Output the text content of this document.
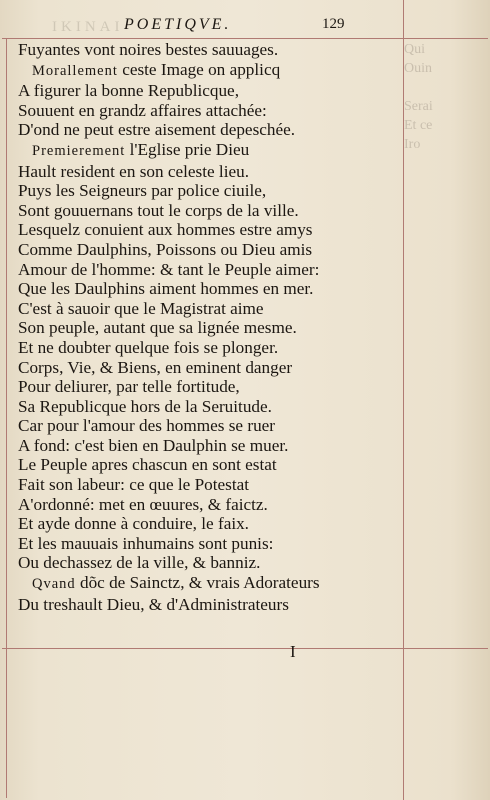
Qui
Ouin

Serai
Et ce
Iro

IKINAI POETIQVE.	129
Fuyantes vont noires bestes sauuages.
Morallement ceste Image on applicq
A figurer la bonne Republicque,
Souuent en grandz affaires attachée:
D'ond ne peut estre aisement depeschée.
Premierement l'Eglise prie Dieu
Hault resident en son celeste lieu.
Puys les Seigneurs par police ciuile,
Sont gouuernans tout le corps de la ville.
Lesquelz conuient aux hommes estre amys
Comme Daulphins, Poissons ou Dieu amis
Amour de l'homme: & tant le Peuple aimer:
Que les Daulphins aiment hommes en mer.
C'est à sauoir que le Magistrat aime
Son peuple, autant que sa lignée mesme.
Et ne doubter quelque fois se plonger.
Corps, Vie, & Biens, en eminent danger
Pour deliurer, par telle fortitude,
Sa Republicque hors de la Seruitude.
Car pour l'amour des hommes se ruer
A fond: c'est bien en Daulphin se muer.
Le Peuple apres chascun en sont estat
Fait son labeur: ce que le Potestat
A'ordonné: met en œuures, & faictz.
Et ayde donne à conduire, le faix.
Et les mauuais inhumains sont punis:
Ou dechassez de la ville, & banniz.
Qvand dõc de Sainctz, & vrais Adorateurs
Du treshault Dieu, & d'Administrateurs
I
